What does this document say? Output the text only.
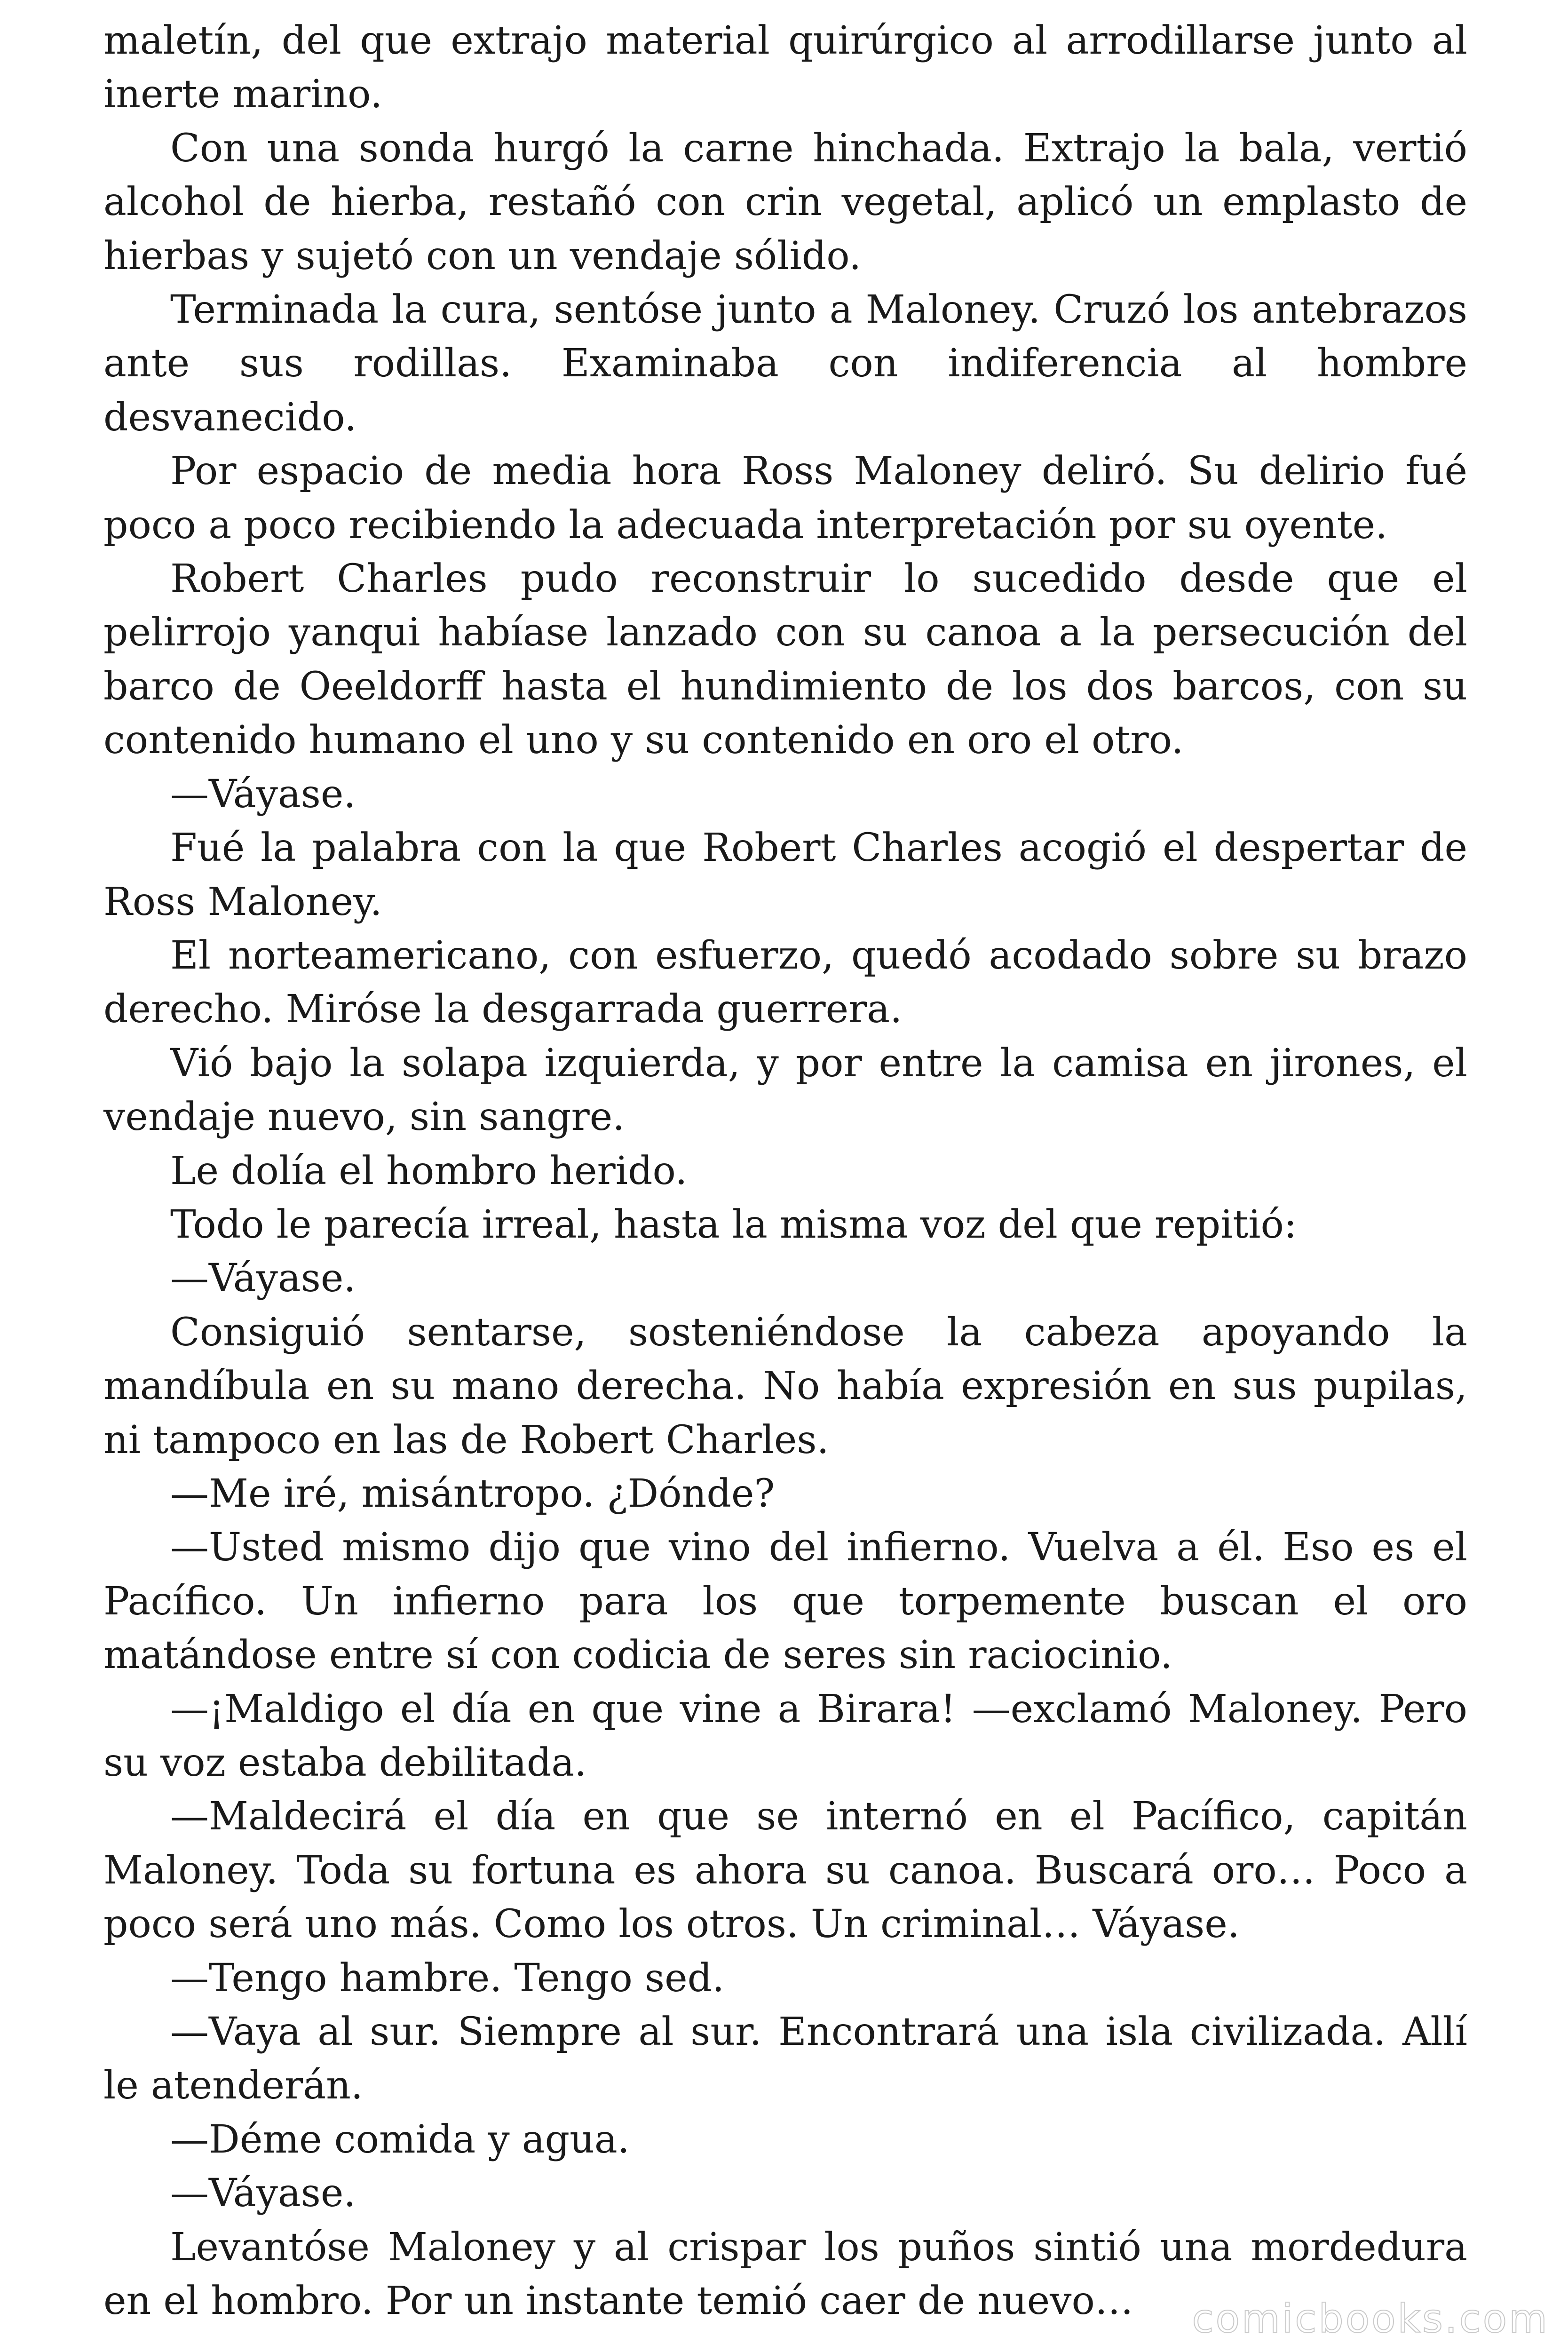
maletín, del que extrajo material quirúrgico al arrodillarse junto al inerte marino.

Con una sonda hurgó la carne hinchada. Extrajo la bala, vertió alcohol de hierba, restañó con crin vegetal, aplicó un emplasto de hierbas y sujetó con un vendaje sólido.

Terminada la cura, sentóse junto a Maloney. Cruzó los antebrazos ante sus rodillas. Examinaba con indiferencia al hombre desvanecido.

Por espacio de media hora Ross Maloney deliró. Su delirio fué poco a poco recibiendo la adecuada interpretación por su oyente.

Robert Charles pudo reconstruir lo sucedido desde que el pelirrojo yanqui habíase lanzado con su canoa a la persecución del barco de Oeeldorff hasta el hundimiento de los dos barcos, con su contenido humano el uno y su contenido en oro el otro.

—Váyase.

Fué la palabra con la que Robert Charles acogió el despertar de Ross Maloney.

El norteamericano, con esfuerzo, quedó acodado sobre su brazo derecho. Miróse la desgarrada guerrera.

Vió bajo la solapa izquierda, y por entre la camisa en jirones, el vendaje nuevo, sin sangre.

Le dolía el hombro herido.

Todo le parecía irreal, hasta la misma voz del que repitió:

—Váyase.

Consiguió sentarse, sosteniéndose la cabeza apoyando la mandíbula en su mano derecha. No había expresión en sus pupilas, ni tampoco en las de Robert Charles.

—Me iré, misántropo. ¿Dónde?

—Usted mismo dijo que vino del infierno. Vuelva a él. Eso es el Pacífico. Un infierno para los que torpemente buscan el oro matándose entre sí con codicia de seres sin raciocinio.

—¡Maldigo el día en que vine a Birara! —exclamó Maloney. Pero su voz estaba debilitada.

—Maldecirá el día en que se internó en el Pacífico, capitán Maloney. Toda su fortuna es ahora su canoa. Buscará oro… Poco a poco será uno más. Como los otros. Un criminal… Váyase.

—Tengo hambre. Tengo sed.

—Vaya al sur. Siempre al sur. Encontrará una isla civilizada. Allí le atenderán.

—Déme comida y agua.

—Váyase.

Levantóse Maloney y al crispar los puños sintió una mordedura en el hombro. Por un instante temió caer de nuevo…	comicbooks.com
